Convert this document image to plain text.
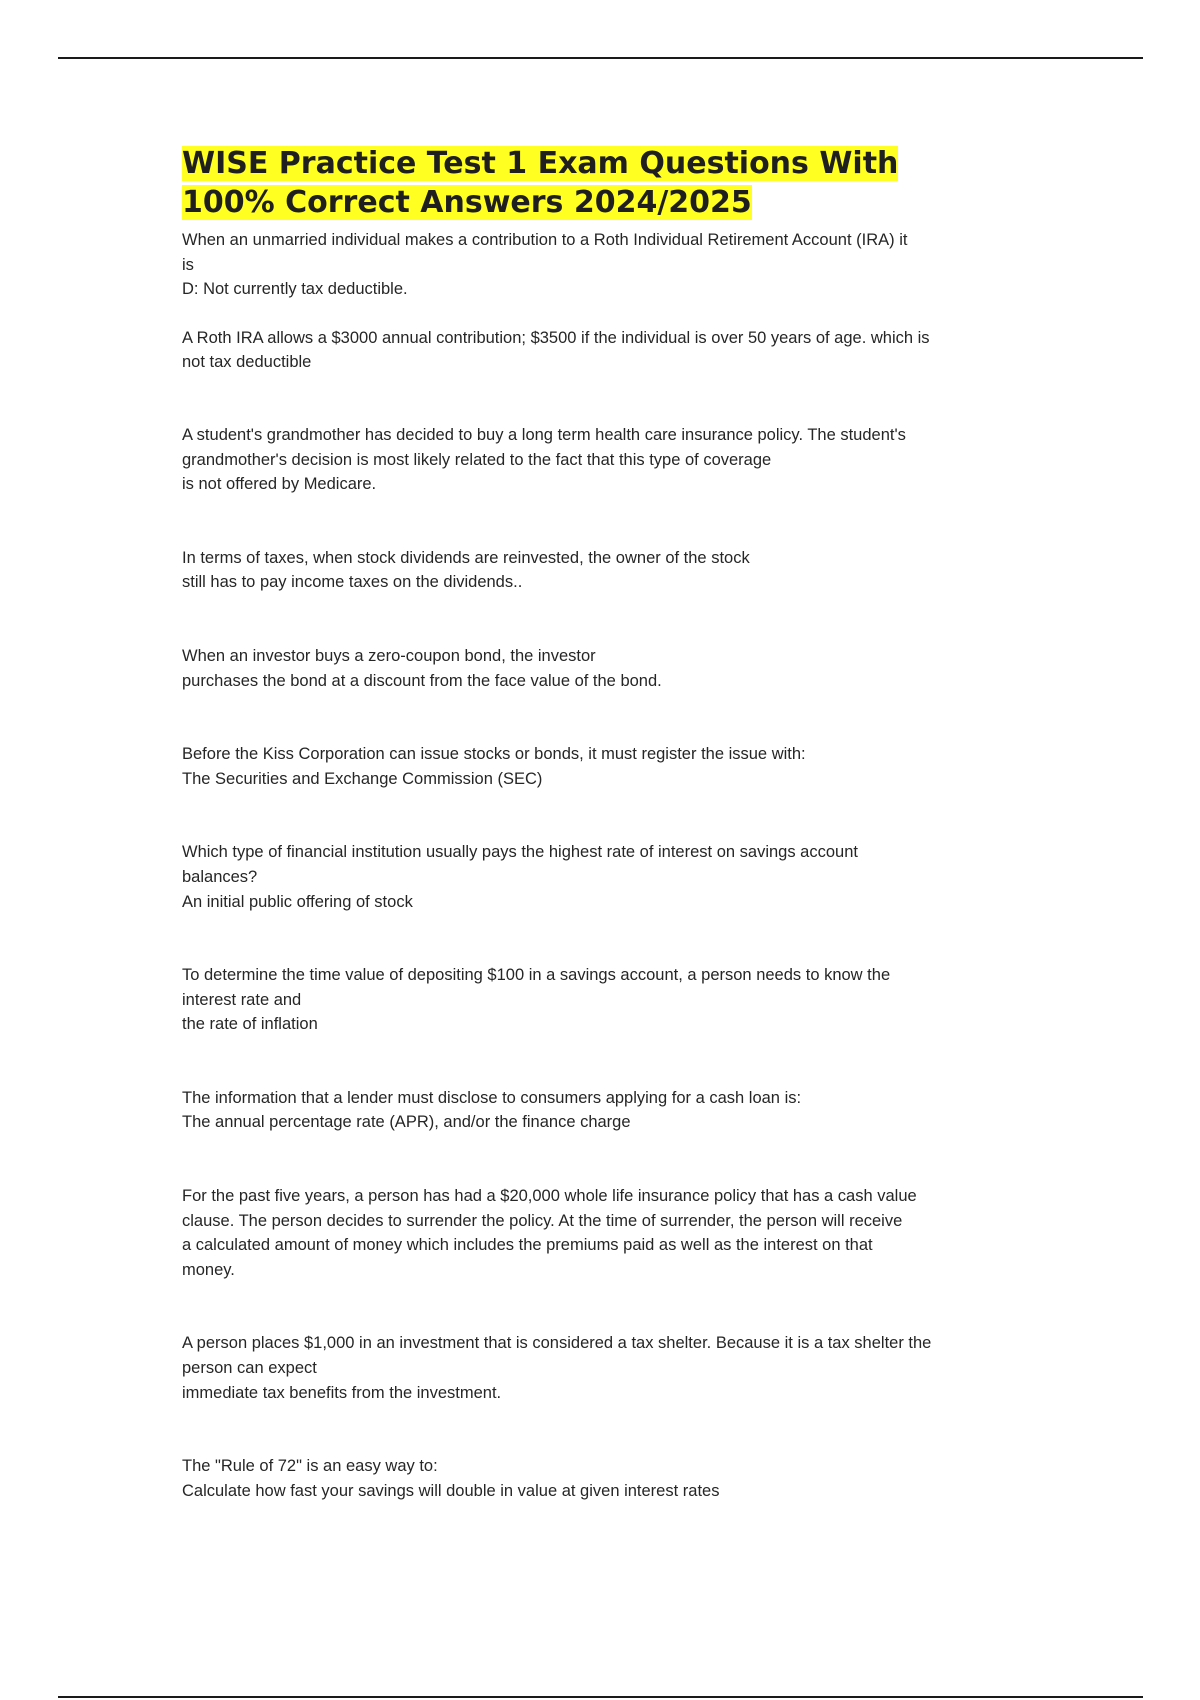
WISE Practice Test 1 Exam Questions With
100% Correct Answers 2024/2025

When an unmarried individual makes a contribution to a Roth Individual Retirement Account (IRA) it
is

D: Not currently tax deductible.

A Roth IRA allows a $3000 annual contribution; $3500 if the individual is over 50 years of age. which is
not tax deductible

A student's grandmother has decided to buy a long term health care insurance policy. The student's
grandmother's decision is most likely related to the fact that this type of coverage

is not offered by Medicare.

In terms of taxes, when stock dividends are reinvested, the owner of the stock

still has to pay income taxes on the dividends..

When an investor buys a zero-coupon bond, the investor

purchases the bond at a discount from the face value of the bond.

Before the Kiss Corporation can issue stocks or bonds, it must register the issue with:

The Securities and Exchange Commission (SEC)

Which type of financial institution usually pays the highest rate of interest on savings account
balances?

An initial public offering of stock

To determine the time value of depositing $100 in a savings account, a person needs to know the
interest rate and

the rate of inflation

The information that a lender must disclose to consumers applying for a cash loan is:

The annual percentage rate (APR), and/or the finance charge

For the past five years, a person has had a $20,000 whole life insurance policy that has a cash value
clause. The person decides to surrender the policy. At the time of surrender, the person will receive
a calculated amount of money which includes the premiums paid as well as the interest on that
money.

A person places $1,000 in an investment that is considered a tax shelter. Because it is a tax shelter the
person can expect

immediate tax benefits from the investment.

The "Rule of 72" is an easy way to:

Calculate how fast your savings will double in value at given interest rates
